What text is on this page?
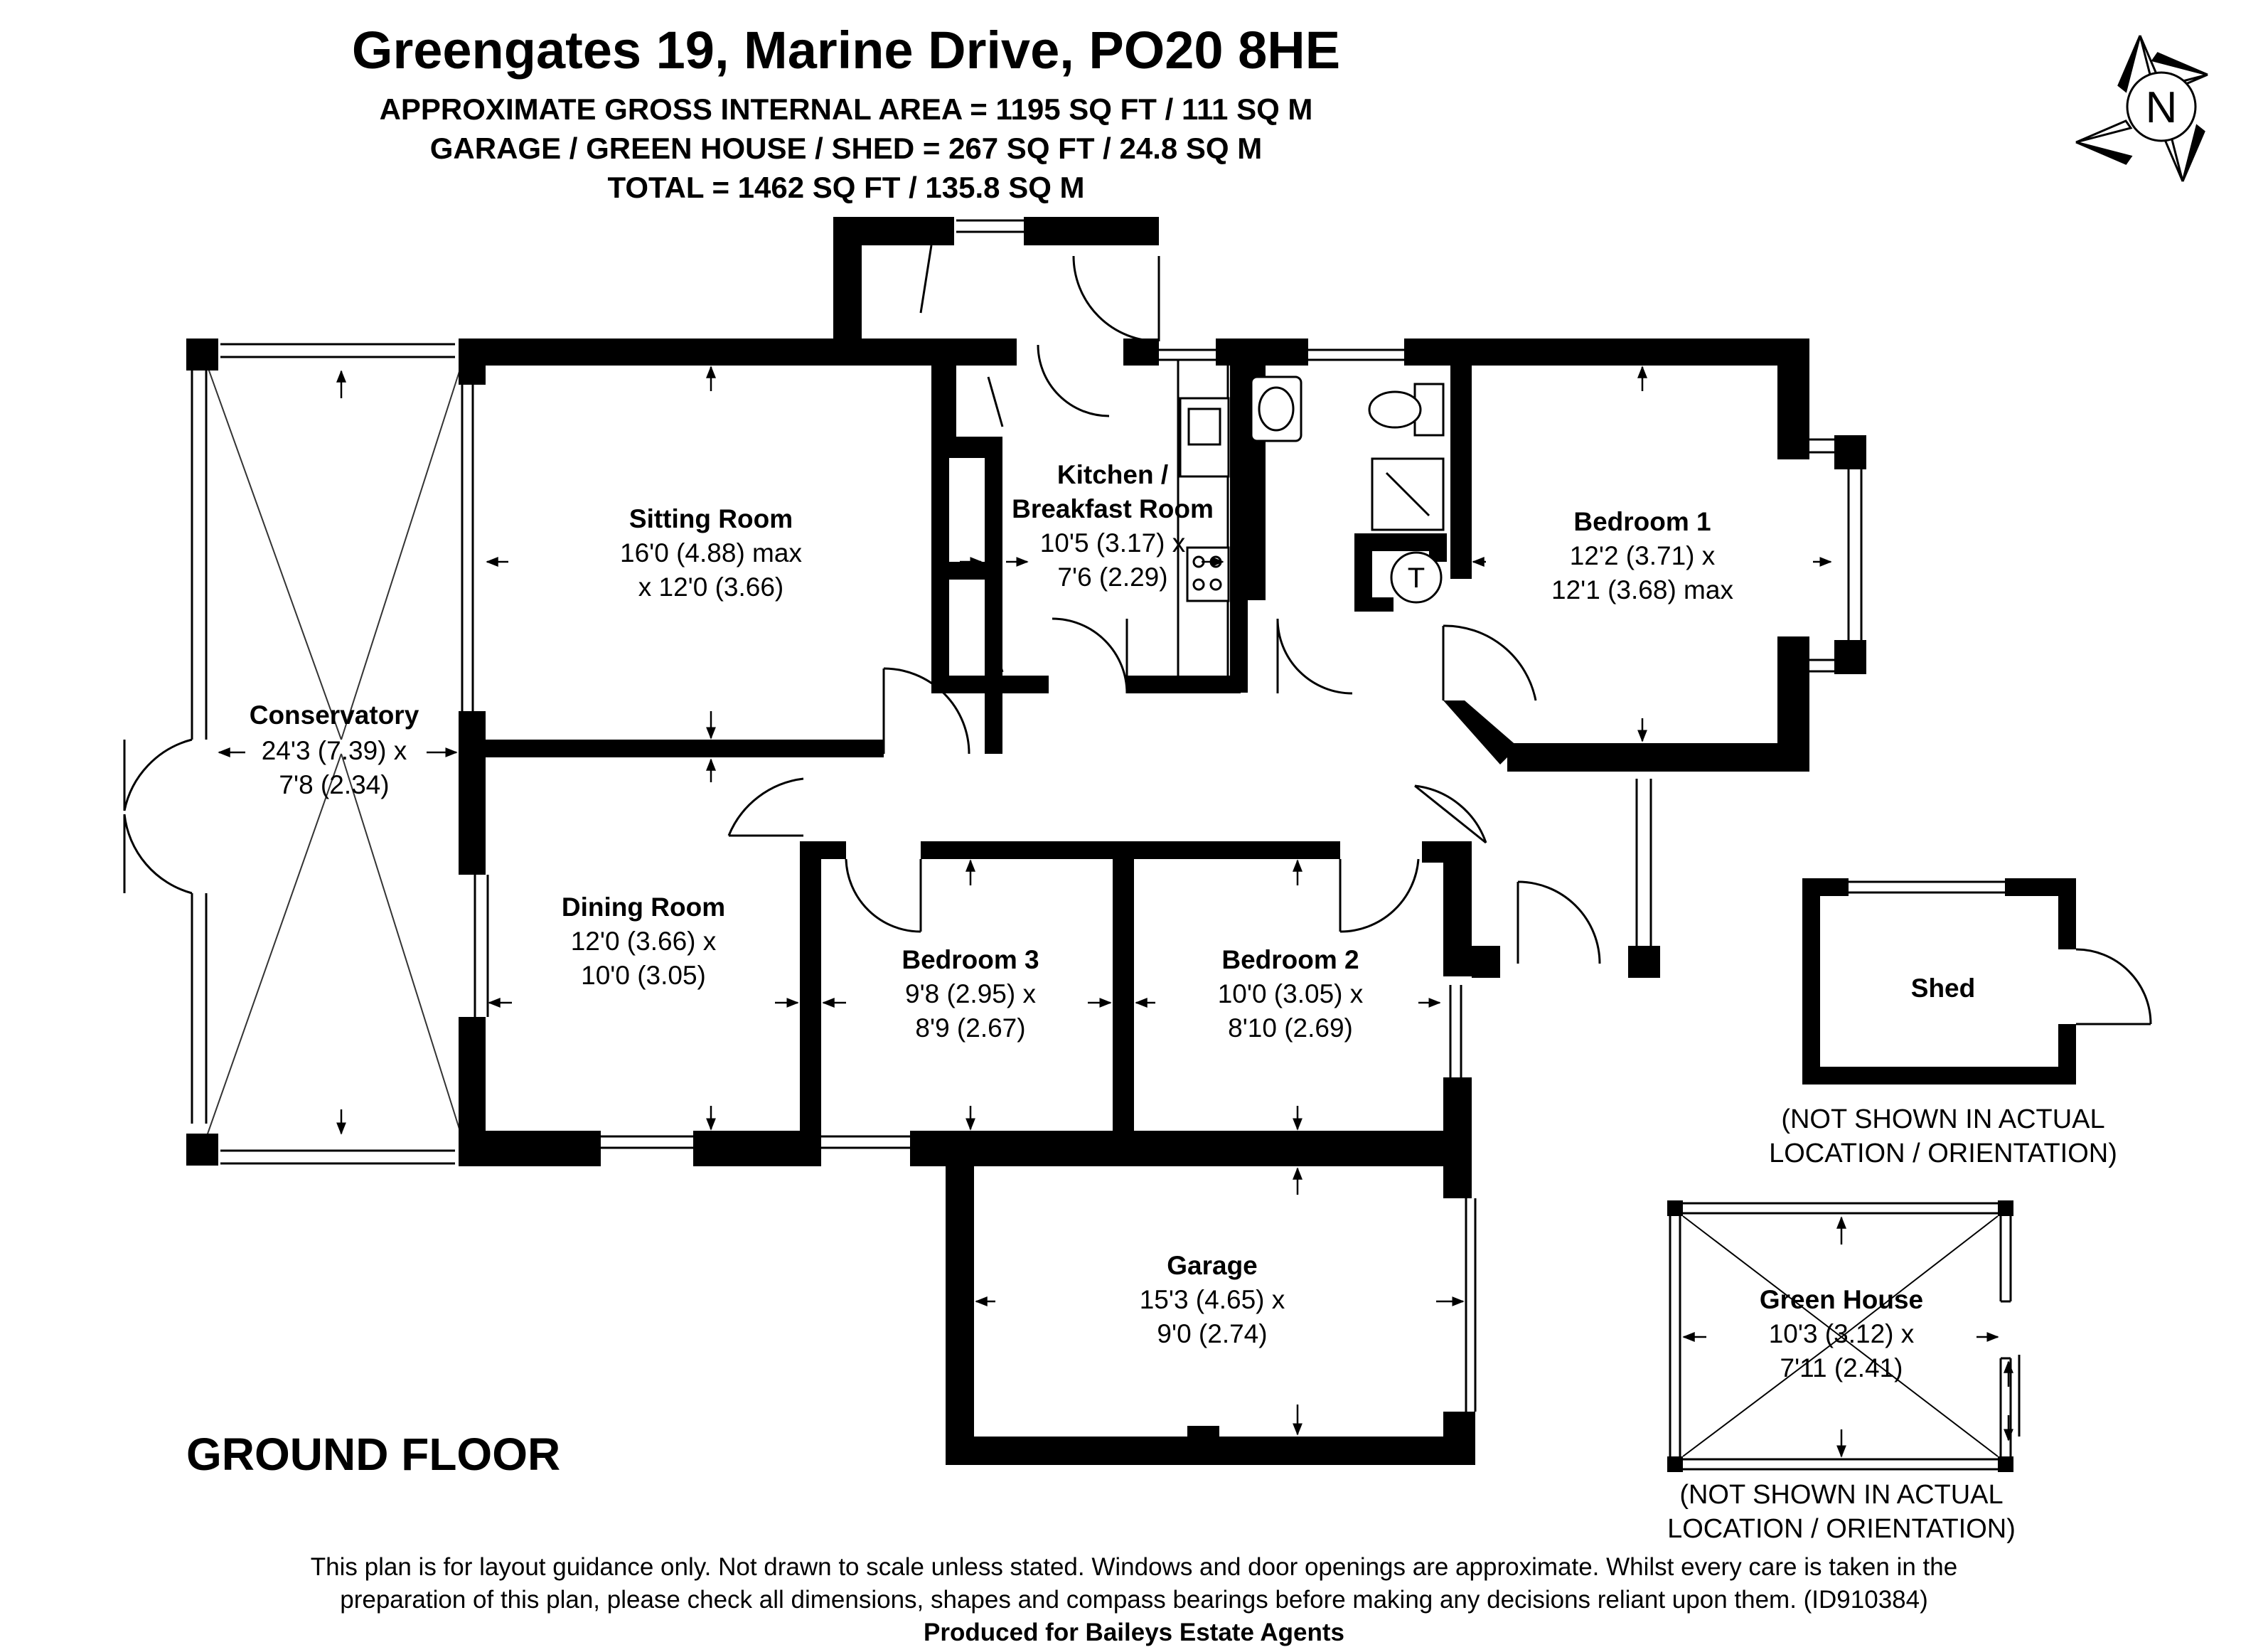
Greengates 19, Marine Drive, PO20 8HE
APPROXIMATE GROSS INTERNAL AREA = 1195 SQ FT / 111 SQ M
GARAGE / GREEN HOUSE / SHED = 267 SQ FT / 24.8 SQ M
TOTAL = 1462 SQ FT / 135.8 SQ M
N
T
Conservatory
24'3 (7.39) x
7'8 (2.34)
Sitting Room
16'0 (4.88) max
x 12'0 (3.66)
Kitchen /
Breakfast Room
10'5 (3.17) x
7'6 (2.29)
Bedroom 1
12'2 (3.71) x
12'1 (3.68) max
Dining Room
12'0 (3.66) x
10'0 (3.05)
Bedroom 3
9'8 (2.95) x
8'9 (2.67)
Bedroom 2
10'0 (3.05) x
8'10 (2.69)
Garage
15'3 (4.65) x
9'0 (2.74)
Shed
(NOT SHOWN IN ACTUAL
LOCATION / ORIENTATION)
Green House
10'3 (3.12) x
7'11 (2.41)
(NOT SHOWN IN ACTUAL
LOCATION / ORIENTATION)
GROUND FLOOR
This plan is for layout guidance only. Not drawn to scale unless stated. Windows and door openings are approximate. Whilst every care is taken in the
preparation of this plan, please check all dimensions, shapes and compass bearings before making any decisions reliant upon them. (ID910384)
Produced for Baileys Estate Agents
